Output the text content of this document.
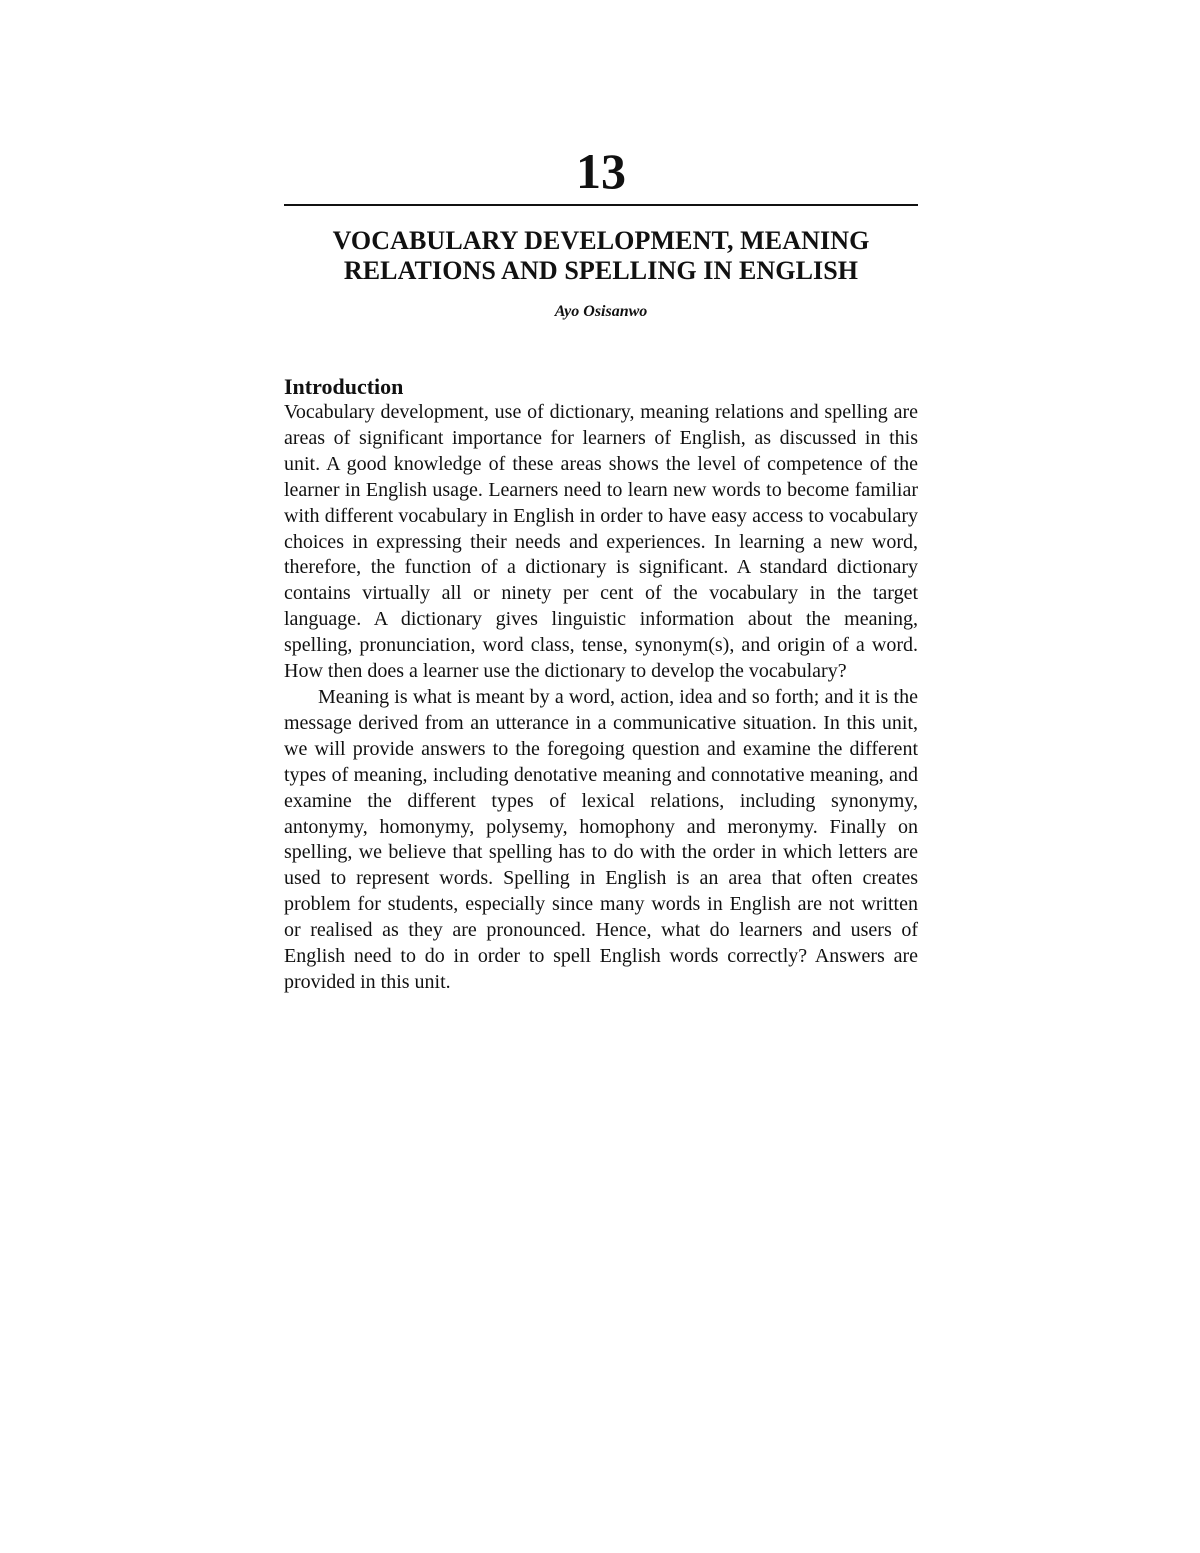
13
VOCABULARY DEVELOPMENT, MEANING
RELATIONS AND SPELLING IN ENGLISH

Ayo Osisanwo

Introduction

Vocabulary development, use of dictionary, meaning relations and spelling are areas of significant importance for learners of English, as discussed in this unit. A good knowledge of these areas shows the level of competence of the learner in English usage. Learners need to learn new words to become familiar with different vocabulary in English in order to have easy access to vocabulary choices in expressing their needs and experiences. In learning a new word, therefore, the function of a dictionary is significant. A standard dictionary contains virtually all or ninety per cent of the vocabulary in the target language. A dictionary gives linguistic information about the meaning, spelling, pronunciation, word class, tense, synonym(s), and origin of a word. How then does a learner use the dictionary to develop the vocabulary?

Meaning is what is meant by a word, action, idea and so forth; and it is the message derived from an utterance in a communicative situation. In this unit, we will provide answers to the foregoing question and examine the different types of meaning, including denotative meaning and connotative meaning, and examine the different types of lexical relations, including synonymy, antonymy, homonymy, polysemy, homophony and meronymy. Finally on spelling, we believe that spelling has to do with the order in which letters are used to represent words. Spelling in English is an area that often creates problem for students, especially since many words in English are not written or realised as they are pronounced. Hence, what do learners and users of English need to do in order to spell English words correctly? Answers are provided in this unit.
